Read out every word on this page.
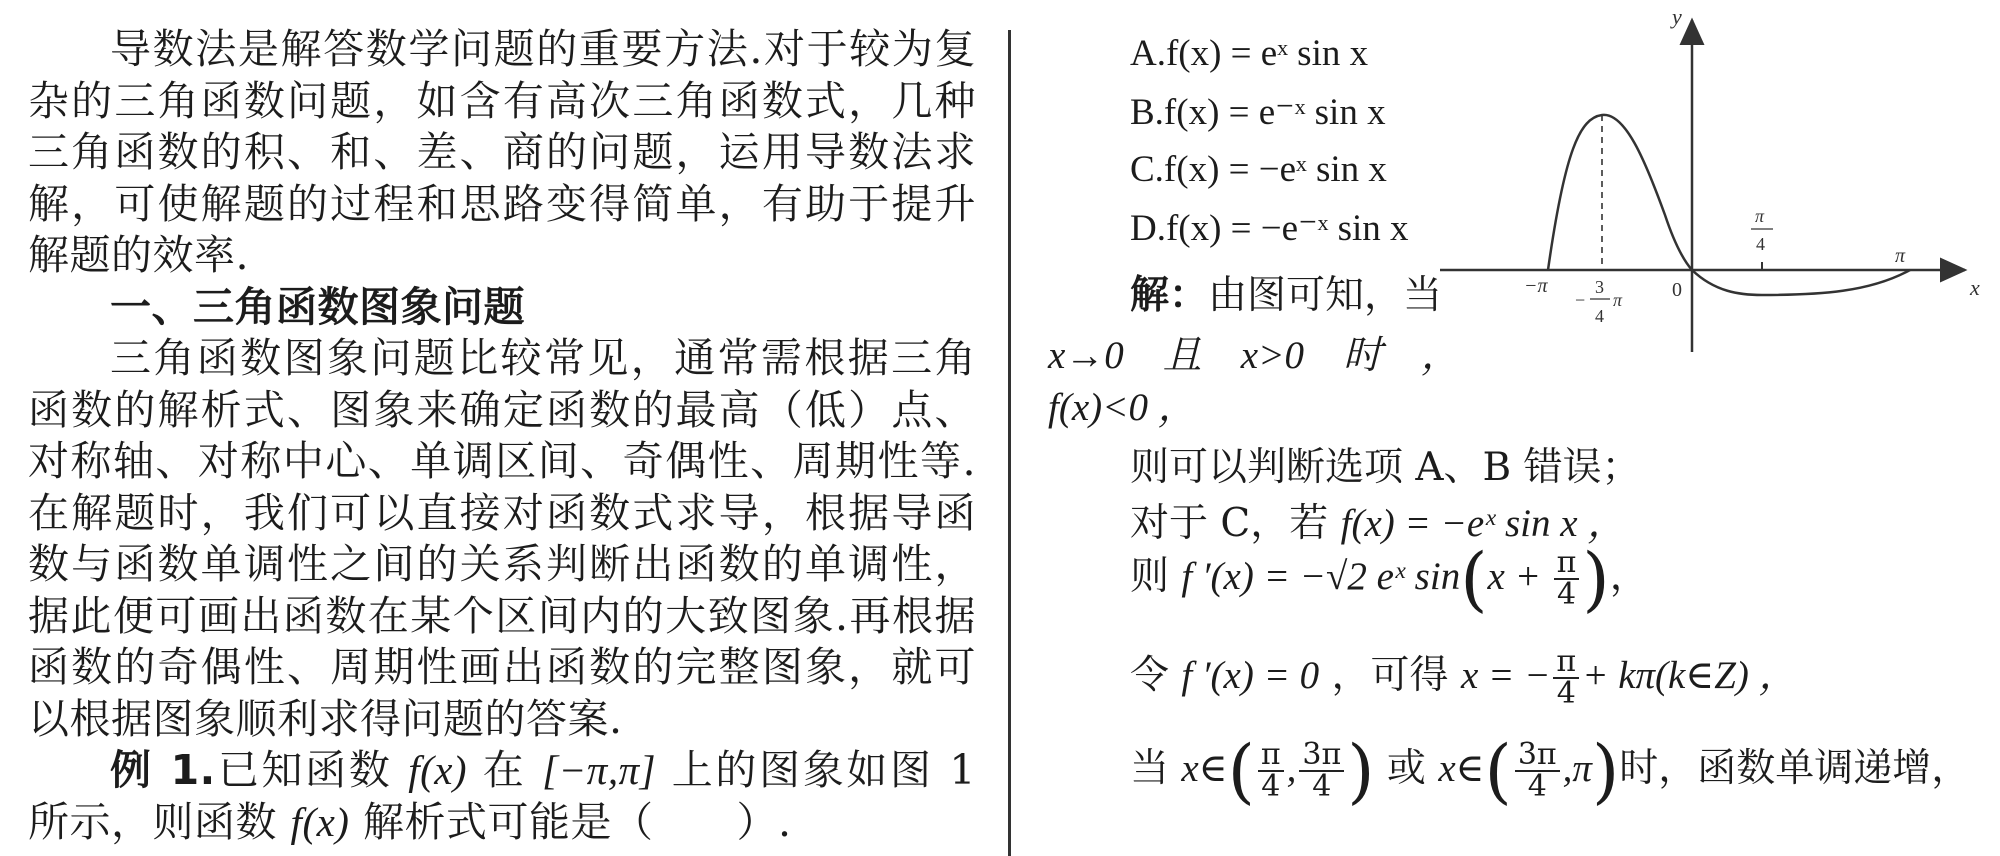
导数法是解答数学问题的重要方法.对于较为复杂的三角函数问题，如含有高次三角函数式，几种三角函数的积、和、差、商的问题，运用导数法求解，可使解题的过程和思路变得简单，有助于提升解题的效率.

一、三角函数图象问题

三角函数图象问题比较常见，通常需根据三角函数的解析式、图象来确定函数的最高（低）点、对称轴、对称中心、单调区间、奇偶性、周期性等.在解题时，我们可以直接对函数式求导，根据导函数与函数单调性之间的关系判断出函数的单调性，据此便可画出函数在某个区间内的大致图象.再根据函数的奇偶性、周期性画出函数的完整图象，就可以根据图象顺利求得问题的答案.

例 1.已知函数 f(x) 在 [−π,π] 上的图象如图 1 所示，则函数 f(x) 解析式可能是（　　）.

A.f(x) = eˣ sin x
B.f(x) = e⁻ˣ sin x
C.f(x) = −eˣ sin x
D.f(x) = −e⁻ˣ sin x
解：由图可知，当
x→0　且　x>0　时　，
f(x)<0 ，
则可以判断选项 A、B 错误；
对于 C，若 f(x) = −eˣ sin x ，
则 f ′(x) = −√2 eˣ $\sin(x + \frac{\pi}{4}$ )，
令 f ′(x) = 0 ，可得 x = − $\frac{\pi}{4}$ + kπ(k∈Z) ，
当 x∈( $\frac{\pi}{4}$ , $\frac{3\pi}{4}$ ) 或 x∈( $\frac{3\pi}{4} ,\pi$)时，函数单调递增，
y
x
−π	0
π
3
− π
4
π
4
